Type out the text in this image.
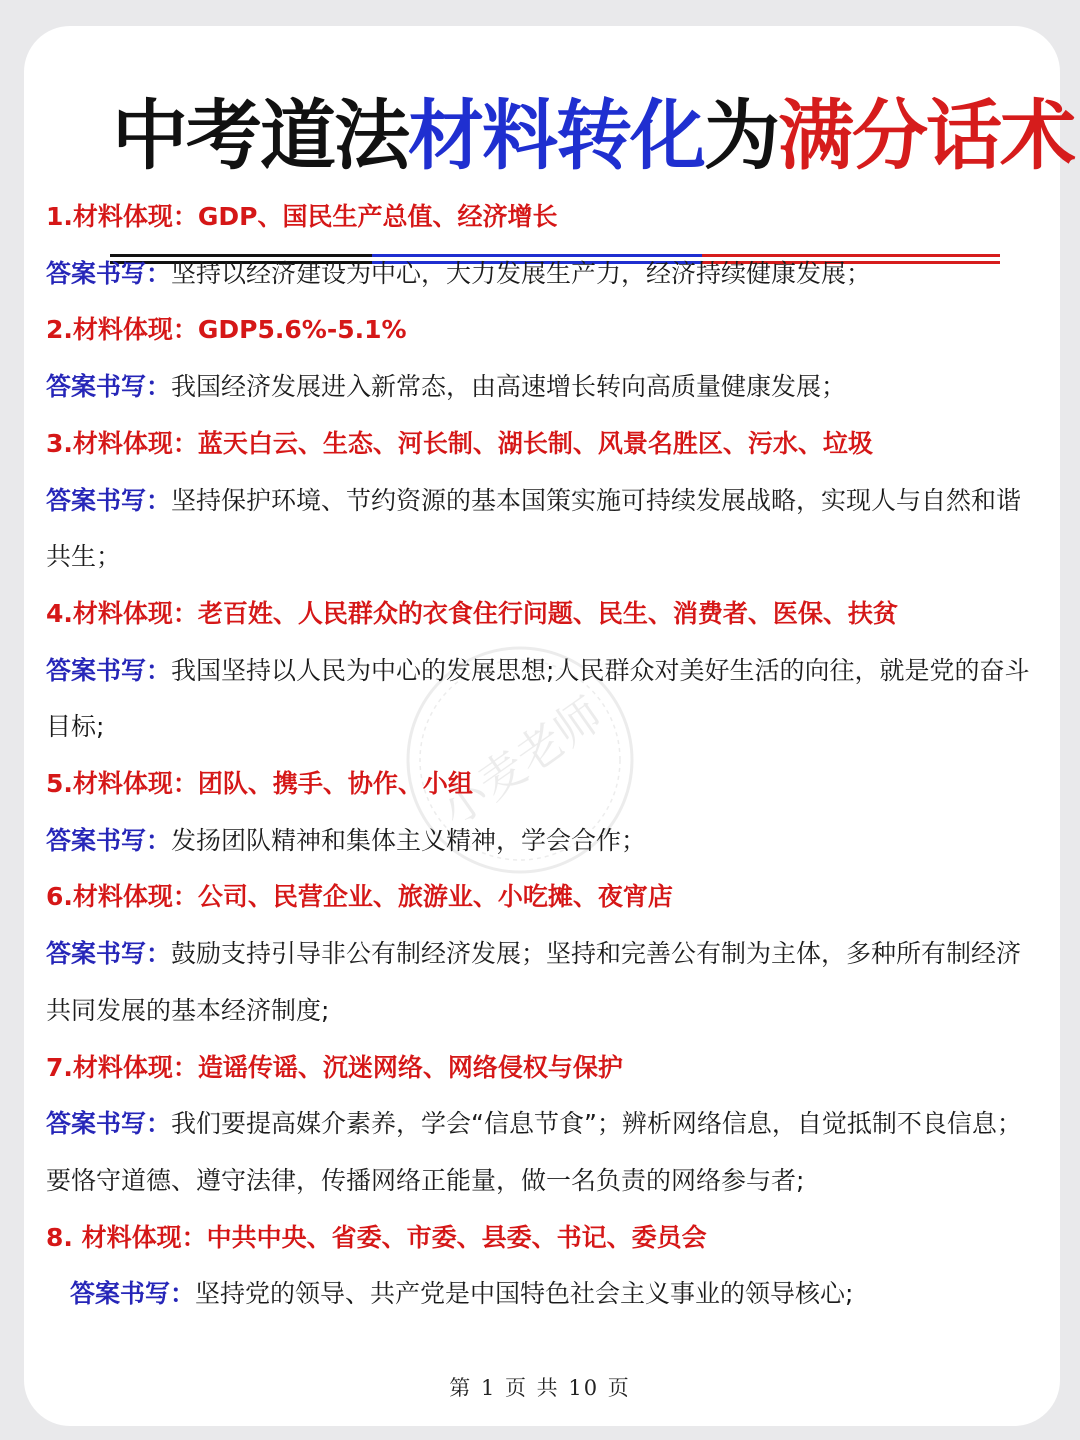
中考道法材料转化为满分话术
小麦老师
1.材料体现：GDP、国民生产总值、经济增长
答案书写：坚持以经济建设为中心，大力发展生产力，经济持续健康发展；
2.材料体现：GDP5.6%-5.1%
答案书写：我国经济发展进入新常态，由高速增长转向高质量健康发展；
3.材料体现：蓝天白云、生态、河长制、湖长制、风景名胜区、污水、垃圾
答案书写：坚持保护环境、节约资源的基本国策实施可持续发展战略，实现人与自然和谐
共生；
4.材料体现：老百姓、人民群众的衣食住行问题、民生、消费者、医保、扶贫
答案书写：我国坚持以人民为中心的发展思想;人民群众对美好生活的向往，就是党的奋斗
目标;
5.材料体现：团队、携手、协作、小组
答案书写：发扬团队精神和集体主义精神，学会合作；
6.材料体现：公司、民营企业、旅游业、小吃摊、夜宵店
答案书写：鼓励支持引导非公有制经济发展；坚持和完善公有制为主体，多种所有制经济
共同发展的基本经济制度;
7.材料体现：造谣传谣、沉迷网络、网络侵权与保护
答案书写：我们要提高媒介素养，学会“信息节食”；辨析网络信息，自觉抵制不良信息；
要恪守道德、遵守法律，传播网络正能量，做一名负责的网络参与者;
8. 材料体现：中共中央、省委、市委、县委、书记、委员会
答案书写：坚持党的领导、共产党是中国特色社会主义事业的领导核心;
第 1 页 共 10 页
